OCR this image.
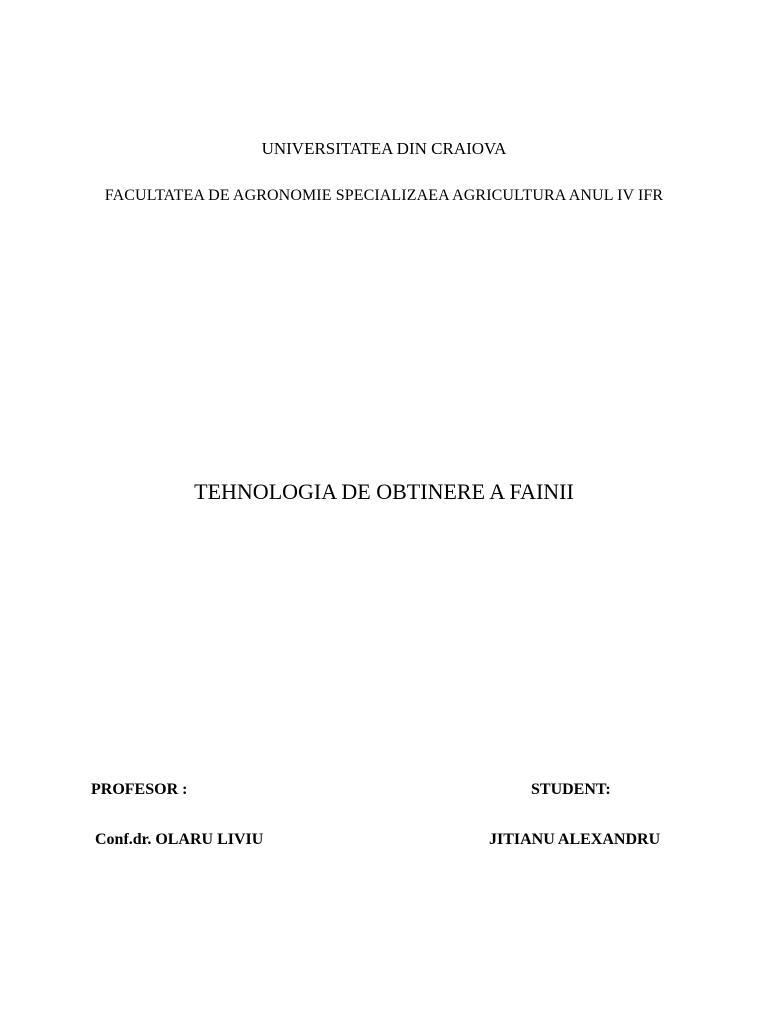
UNIVERSITATEA DIN CRAIOVA
FACULTATEA DE AGRONOMIE SPECIALIZAEA AGRICULTURA ANUL IV IFR
TEHNOLOGIA DE OBTINERE A FAINII
PROFESOR :	STUDENT:
Conf.dr. OLARU LIVIU	JITIANU ALEXANDRU
